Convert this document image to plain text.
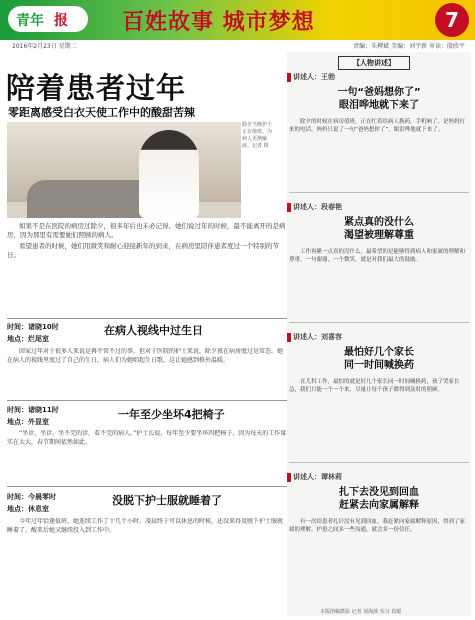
青年 报 百姓故事 城市梦想	7
2016年2月23日 星期二	责编：朱柳斌 美编：刘宇新 审读：殷欣平
陪着患者过年
零距离感受白衣天使工作中的酸甜苦辣
除夕当晚护士正在值班，为病人更换输液。记者 摄

如果不是在医院的病房过除夕，很多年后也未必记得。她们说过年的时候，最不能离开的是病房，因为那里有需要她们照顾的病人。

看望患者的时候，她们用微笑和耐心迎接新年的到来，在病房里陪伴患者度过一个特别的节日。

时间：诸晓10时
地点：烂尾室
在病人视线中过生日

回家过年对于很多人来说是再平常不过的事，但对于医院的护士来说，除夕夜在病房度过是常态。她在病人的视线里度过了自己的生日，病人们为她唱起生日歌，这让她感到格外温暖。

时间：诸晓11时
地点：外显室
一年至少坐坏4把椅子

“坐诊，坐诊，坐不完的诊，看不完的病人。”护士长说，每年至少要坐坏四把椅子，因为每天的工作量实在太大，春节期间依然如此。

时间：今晨零时
地点：休息室
没脱下护士服就睡着了

今年过年恰逢值班，她连续工作了十几个小时，凌晨终于可以休息的时候，还没来得及脱下护士服就睡着了。醒来后她又继续投入到工作中。

【人物讲述】
讲述人：王勃
一句“爸妈想你了”
眼泪哗地就下来了

除夕的时候在病房值班，正在忙着给病人换药，手机响了，是妈妈打来的电话。妈妈只说了一句“爸妈想你了”，眼泪哗地就下来了。

讲述人：段春艳
紧点真的没什么
渴望被理解尊重

工作再累一点真的没什么，最希望的是能够得到病人和家属的理解和尊重。一句谢谢，一个微笑，就是对我们最大的鼓励。

讲述人：刘喜容
最怕好几个家长
同一时间喊换药

在儿科工作，最怕的就是好几个家长同一时间喊换药，孩子哭家长急，我们只能一个一个来，尽量让每个孩子都得到及时的照顾。

讲述人：谭林莉
扎下去没见到回血
赶紧去向家属解释

有一次给患者扎针没有见到回血，我赶紧向家属解释原因，得到了家属的理解。护患之间多一些沟通，就会多一份信任。

本版图稿摄影 记者 刘海波 实习 段聪
